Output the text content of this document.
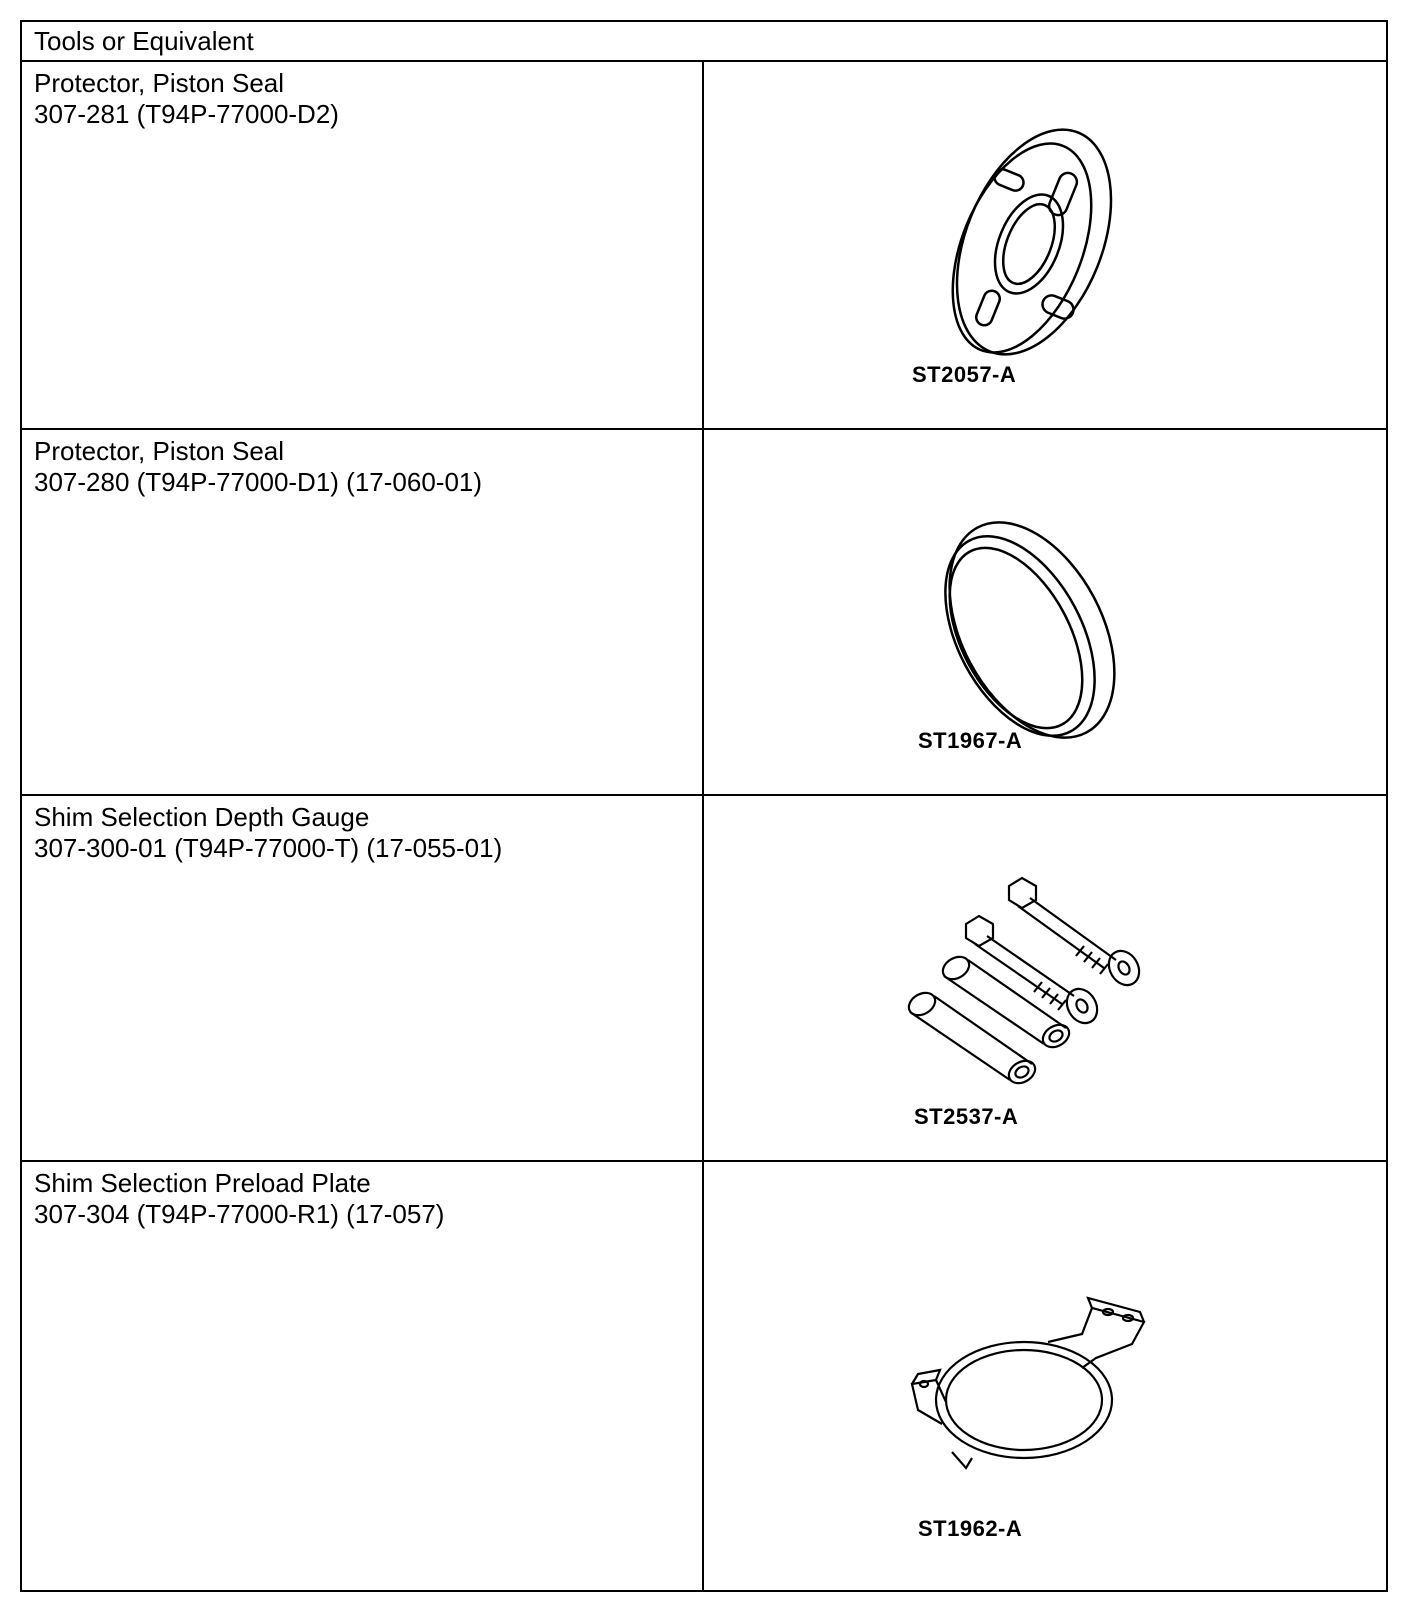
Tools or Equivalent
Protector, Piston Seal
307-281 (T94P-77000-D2)
ST2057-A
Protector, Piston Seal
307-280 (T94P-77000-D1) (17-060-01)
ST1967-A
Shim Selection Depth Gauge
307-300-01 (T94P-77000-T) (17-055-01)
ST2537-A
Shim Selection Preload Plate
307-304 (T94P-77000-R1) (17-057)
ST1962-A
